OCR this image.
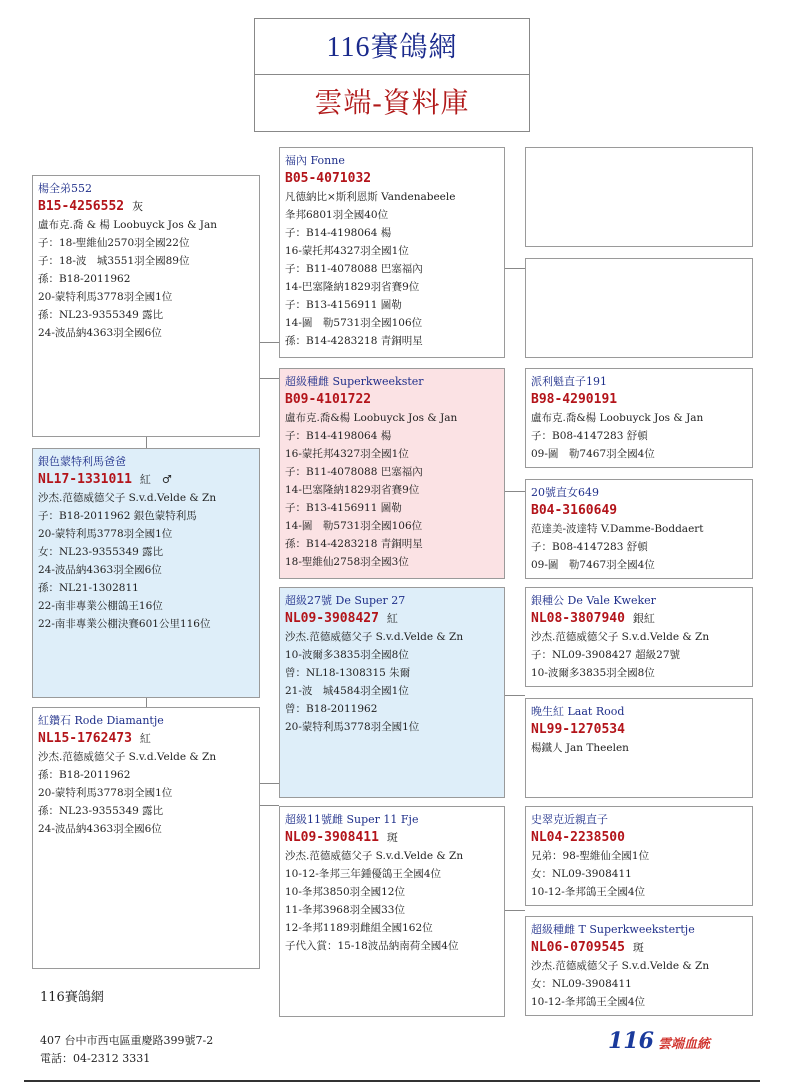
116賽鴿網
雲端-資料庫
楊全弟552
B15-4256552 灰
盧布克.喬 & 楊 Loobuyck Jos & Jan
子：18-聖維仙2570羽全國22位
子：18-波　城3551羽全國89位
孫：B18-2011962
20-蒙特利馬3778羽全國1位
孫：NL23-9355349 露比
24-波品納4363羽全國6位
銀色蒙特利馬爸爸
NL17-1331011 紅　♂
沙杰.范德威德父子 S.v.d.Velde & Zn
子：B18-2011962 銀色蒙特利馬
20-蒙特利馬3778羽全國1位
女：NL23-9355349 露比
24-波品納4363羽全國6位
孫：NL21-1302811
22-南非專業公棚鴿王16位
22-南非專業公棚決賽601公里116位
紅鑽石 Rode Diamantje
NL15-1762473 紅
沙杰.范德威德父子 S.v.d.Velde & Zn
孫：B18-2011962
20-蒙特利馬3778羽全國1位
孫：NL23-9355349 露比
24-波品納4363羽全國6位
福內 Fonne
B05-4071032
凡德納比×斯利恩斯 Vandenabeele
夆邦6801羽全國40位
子：B14-4198064 楊
16-蒙托邦4327羽全國1位
子：B11-4078088 巴塞福內
14-巴塞隆納1829羽省賽9位
子：B13-4156911 圖勒
14-圖　勒5731羽全國106位
孫：B14-4283218 青銅明星
超級種雌 Superkweekster
B09-4101722
盧布克.喬&楊 Loobuyck Jos & Jan
子：B14-4198064 楊
16-蒙托邦4327羽全國1位
子：B11-4078088 巴塞福內
14-巴塞隆納1829羽省賽9位
子：B13-4156911 圖勒
14-圖　勒5731羽全國106位
孫：B14-4283218 青銅明星
18-聖維仙2758羽全國3位
超級27號 De Super 27
NL09-3908427 紅
沙杰.范德威德父子 S.v.d.Velde & Zn
10-波爾多3835羽全國8位
曾：NL18-1308315 朱爾
21-波　城4584羽全國1位
曾：B18-2011962
20-蒙特利馬3778羽全國1位
超級11號雌 Super 11 Fje
NL09-3908411 斑
沙杰.范德威德父子 S.v.d.Velde & Zn
10-12-夆邦三年鍾優鴿王全國4位
10-夆邦3850羽全國12位
11-夆邦3968羽全國33位
12-夆邦1189羽雌組全國162位
子代入賞：15-18波品納南荷全國4位
派利魁直子191
B98-4290191
盧布克.喬&楊 Loobuyck Jos & Jan
子：B08-4147283 舒頓
09-圖　勒7467羽全國4位
20號直女649
B04-3160649
范達美-波達特 V.Damme-Boddaert
子：B08-4147283 舒頓
09-圖　勒7467羽全國4位
銀種公 De Vale Kweker
NL08-3807940 銀紅
沙杰.范德威德父子 S.v.d.Velde & Zn
子：NL09-3908427 超級27號
10-波爾多3835羽全國8位
晚生紅 Laat Rood
NL99-1270534
楊鐵人 Jan Theelen
史翠克近親直子
NL04-2238500
兄弟：98-聖維仙全國1位
女：NL09-3908411
10-12-夆邦鴿王全國4位
超級種雌 T Superkweekstertje
NL06-0709545 斑
沙杰.范德威德父子 S.v.d.Velde & Zn
女：NL09-3908411
10-12-夆邦鴿王全國4位
116賽鴿網
407 台中市西屯區重慶路399號7-2
電話：04-2312 3331
116 雲端血統
